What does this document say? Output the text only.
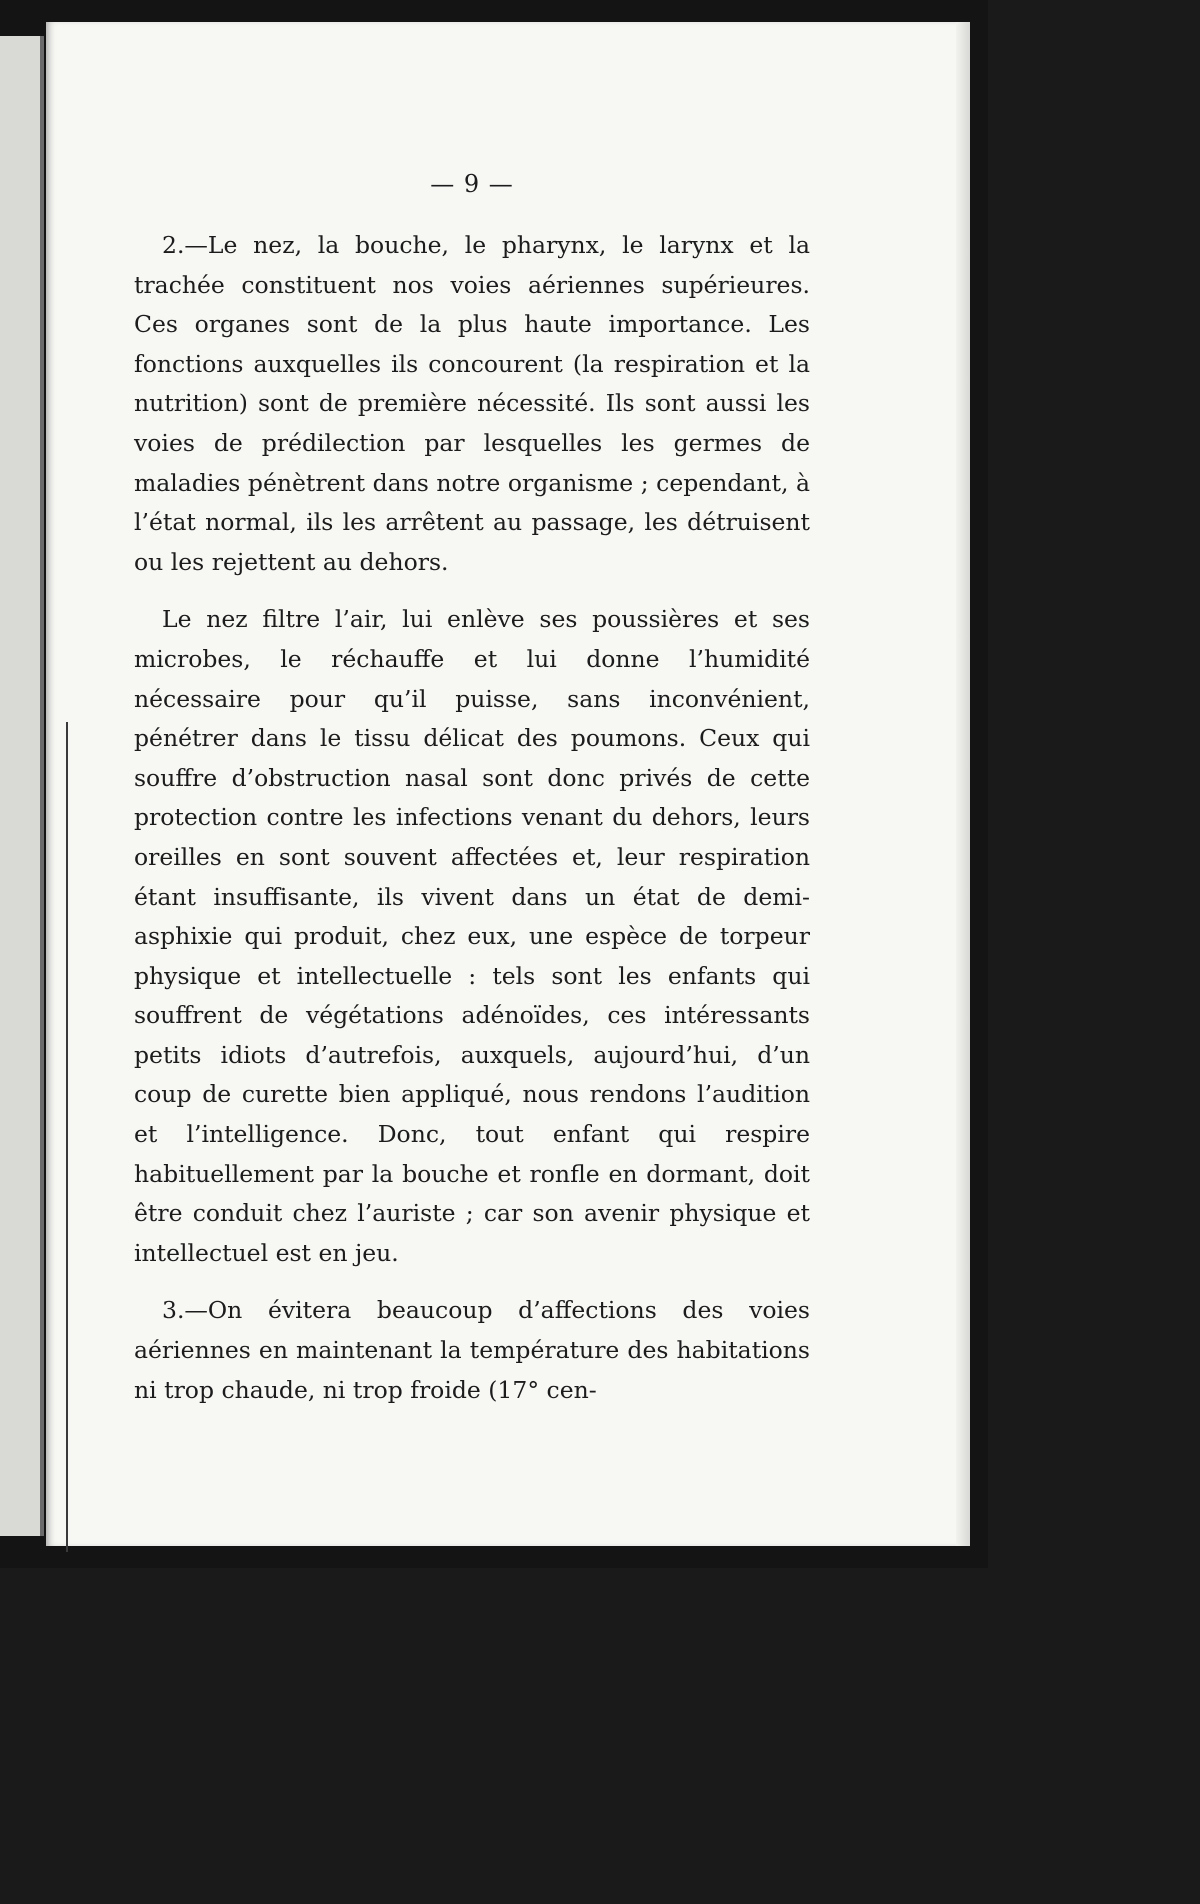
— 9 —

2.—Le nez, la bouche, le pharynx, le larynx et la trachée constituent nos voies aériennes supérieures. Ces organes sont de la plus haute importance. Les fonctions auxquelles ils concourent (la respiration et la nutrition) sont de première nécessité. Ils sont aussi les voies de prédilection par lesquelles les germes de maladies pénètrent dans notre organisme ; cependant, à l’état normal, ils les arrêtent au passage, les détruisent ou les rejettent au dehors.

Le nez filtre l’air, lui enlève ses poussières et ses microbes, le réchauffe et lui donne l’humidité nécessaire pour qu’il puisse, sans inconvénient, pénétrer dans le tissu délicat des poumons. Ceux qui souffre d’obstruction nasal sont donc privés de cette protection contre les infections venant du dehors, leurs oreilles en sont souvent affectées et, leur respiration étant insuffisante, ils vivent dans un état de demi-asphixie qui produit, chez eux, une espèce de torpeur physique et intellectuelle : tels sont les enfants qui souffrent de végétations adénoïdes, ces intéressants petits idiots d’autrefois, auxquels, aujourd’hui, d’un coup de curette bien appliqué, nous rendons l’audition et l’intelligence. Donc, tout enfant qui respire habituellement par la bouche et ronfle en dormant, doit être conduit chez l’auriste ; car son avenir physique et intellectuel est en jeu.

3.—On évitera beaucoup d’affections des voies aériennes en maintenant la température des habitations ni trop chaude, ni trop froide (17° cen-
